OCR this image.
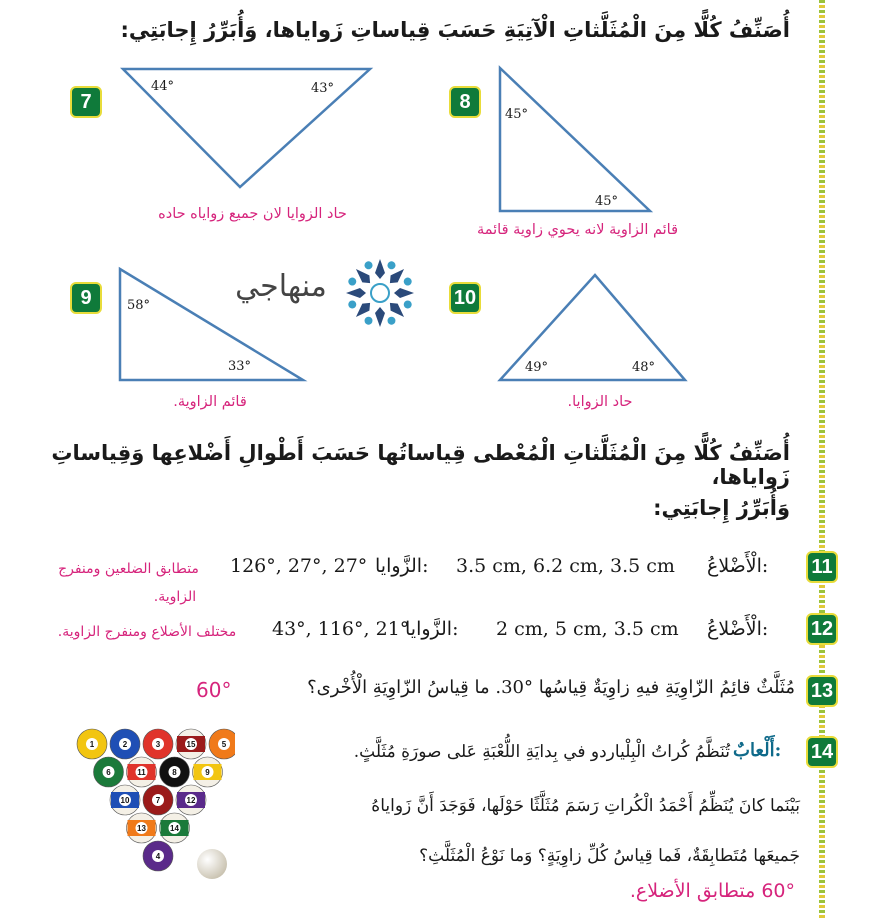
أُصَنِّفُ كُلًّا مِنَ الْمُثَلَّثاتِ الْآتِيَةِ حَسَبَ قِياساتِ زَواياها، وَأُبَرِّرُ إِجابَتِي:
7
44°	43°
حاد الزوايا لان جميع زواياه حاده
8
45°
45°
قائم الزاوية لانه يحوي زاوية قائمة
منهاجي
9	58°
33°
قائم الزاوية.
10
49°	48°
حاد الزوايا.
أُصَنِّفُ كُلًّا مِنَ الْمُثَلَّثاتِ الْمُعْطى قِياساتُها حَسَبَ أَطْوالِ أَضْلاعِها وَقِياساتِ زَواياها،
وَأُبَرِّرُ إِجابَتِي:
11
الْأَضْلاعُ:
3.5 cm, 6.2 cm, 3.5 cm
الزَّوايا:
126°, 27°, 27°
متطابق الضلعين ومنفرج
الزاوية.
12
الْأَضْلاعُ:
2 cm, 5 cm, 3.5 cm
الزَّوايا:
43°, 116°, 21°
مختلف الأضلاع ومنفرج الزاوية.
13
مُثَلَّثٌ قائِمُ الزّاوِيَةِ فيهِ زاوِيَةٌ قِياسُها °30. ما قِياسُ الزّاوِيَةِ الْأُخْرى؟
60°
14
أَلْعابٌ:
تُنَظَّمُ كُراتُ الْبِلْياردو في بِدايَةِ اللُّعْبَةِ عَلى صورَةِ مُثَلَّثٍ.
بَيْنَما كانَ يُنَظِّمُ أَحْمَدُ الْكُراتِ رَسَمَ مُثَلَّثًا حَوْلَها، فَوَجَدَ أَنَّ زَواياهُ
جَميعَها مُتَطابِقَةٌ، فَما قِياسُ كُلِّ زاوِيَةٍ؟ وَما نَوْعُ الْمُثَلَّثِ؟
60° متطابق الأضلاع.
1	2	3	15	5
6	11	8	9
10	7	12
13	14
4
